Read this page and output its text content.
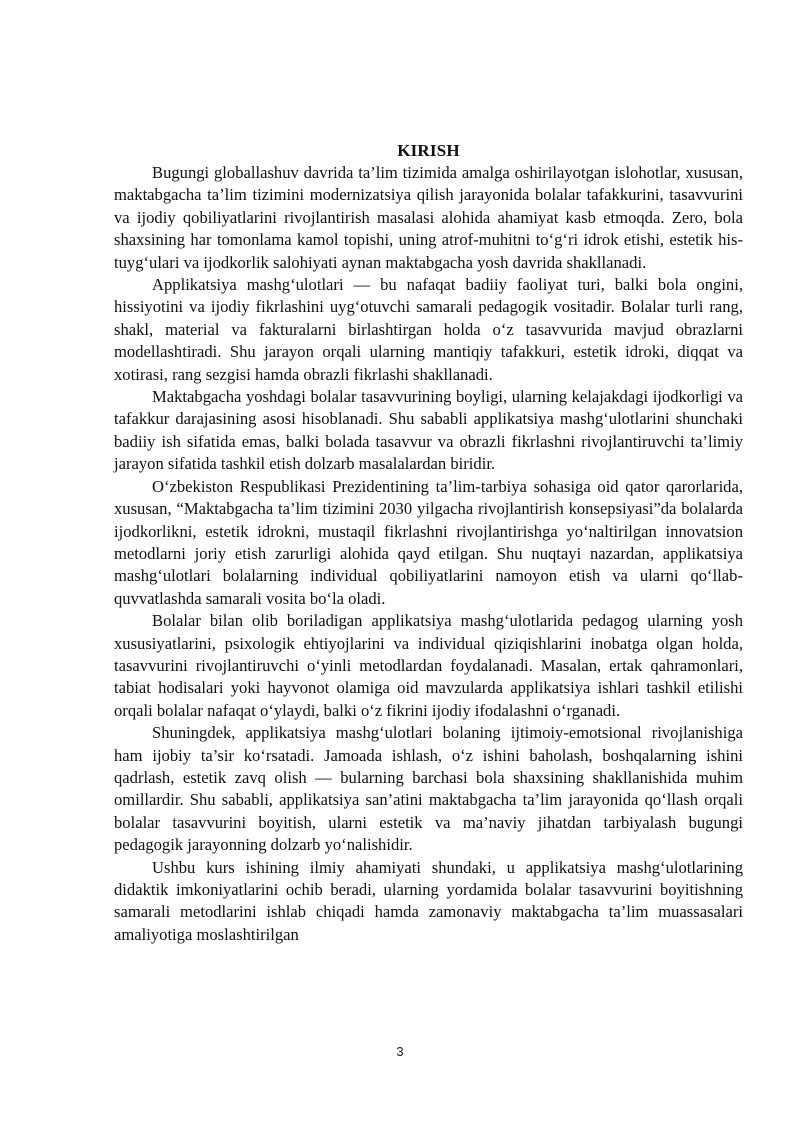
KIRISH

Bugungi globallashuv davrida ta’lim tizimida amalga oshirilayotgan islohotlar, xususan, maktabgacha ta’lim tizimini modernizatsiya qilish jarayonida bolalar tafakkurini, tasavvurini va ijodiy qobiliyatlarini rivojlantirish masalasi alohida ahamiyat kasb etmoqda. Zero, bola shaxsining har tomonlama kamol topishi, uning atrof-muhitni to‘g‘ri idrok etishi, estetik his-tuyg‘ulari va ijodkorlik salohiyati aynan maktabgacha yosh davrida shakllanadi.

Applikatsiya mashg‘ulotlari — bu nafaqat badiiy faoliyat turi, balki bola ongini, hissiyotini va ijodiy fikrlashini uyg‘otuvchi samarali pedagogik vositadir. Bolalar turli rang, shakl, material va fakturalarni birlashtirgan holda o‘z tasavvurida mavjud obrazlarni modellashtiradi. Shu jarayon orqali ularning mantiqiy tafakkuri, estetik idroki, diqqat va xotirasi, rang sezgisi hamda obrazli fikrlashi shakllanadi.

Maktabgacha yoshdagi bolalar tasavvurining boyligi, ularning kelajakdagi ijodkorligi va tafakkur darajasining asosi hisoblanadi. Shu sababli applikatsiya mashg‘ulotlarini shunchaki badiiy ish sifatida emas, balki bolada tasavvur va obrazli fikrlashni rivojlantiruvchi ta’limiy jarayon sifatida tashkil etish dolzarb masalalardan biridir.

O‘zbekiston Respublikasi Prezidentining ta’lim-tarbiya sohasiga oid qator qarorlarida, xususan, “Maktabgacha ta’lim tizimini 2030 yilgacha rivojlantirish konsepsiyasi”da bolalarda ijodkorlikni, estetik idrokni, mustaqil fikrlashni rivojlantirishga yo‘naltirilgan innovatsion metodlarni joriy etish zarurligi alohida qayd etilgan. Shu nuqtayi nazardan, applikatsiya mashg‘ulotlari bolalarning individual qobiliyatlarini namoyon etish va ularni qo‘llab-quvvatlashda samarali vosita bo‘la oladi.

Bolalar bilan olib boriladigan applikatsiya mashg‘ulotlarida pedagog ularning yosh xususiyatlarini, psixologik ehtiyojlarini va individual qiziqishlarini inobatga olgan holda, tasavvurini rivojlantiruvchi o‘yinli metodlardan foydalanadi. Masalan, ertak qahramonlari, tabiat hodisalari yoki hayvonot olamiga oid mavzularda applikatsiya ishlari tashkil etilishi orqali bolalar nafaqat o‘ylaydi, balki o‘z fikrini ijodiy ifodalashni o‘rganadi.

Shuningdek, applikatsiya mashg‘ulotlari bolaning ijtimoiy-emotsional rivojlanishiga ham ijobiy ta’sir ko‘rsatadi. Jamoada ishlash, o‘z ishini baholash, boshqalarning ishini qadrlash, estetik zavq olish — bularning barchasi bola shaxsining shakllanishida muhim omillardir. Shu sababli, applikatsiya san’atini maktabgacha ta’lim jarayonida qo‘llash orqali bolalar tasavvurini boyitish, ularni estetik va ma’naviy jihatdan tarbiyalash bugungi pedagogik jarayonning dolzarb yo‘nalishidir.

Ushbu kurs ishining ilmiy ahamiyati shundaki, u applikatsiya mashg‘ulotlarining didaktik imkoniyatlarini ochib beradi, ularning yordamida bolalar tasavvurini boyitishning samarali metodlarini ishlab chiqadi hamda zamonaviy maktabgacha ta’lim muassasalari amaliyotiga moslashtirilgan

3
